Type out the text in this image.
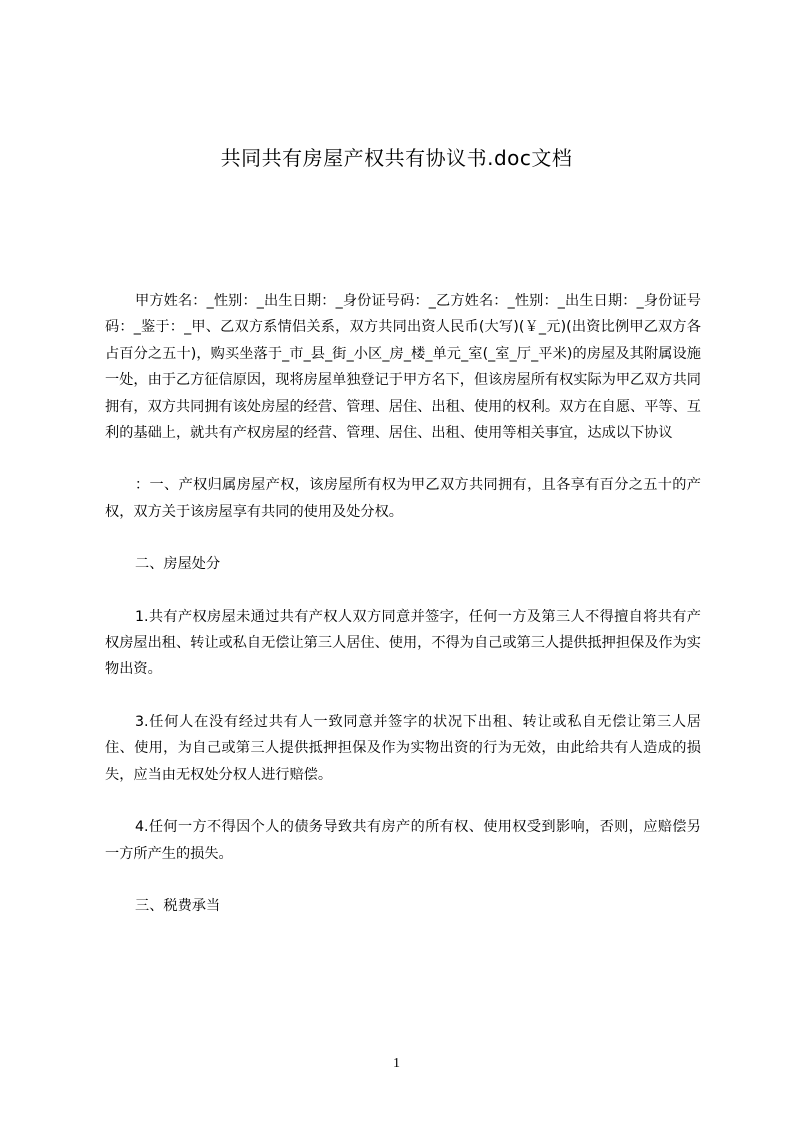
共同共有房屋产权共有协议书.doc文档

甲方姓名：_性别：_出生日期：_身份证号码：_乙方姓名：_性别：_出生日期：_身份证号码：_鉴于：_甲、乙双方系情侣关系，双方共同出资人民币(大写)(￥_元)(出资比例甲乙双方各占百分之五十)，购买坐落于_市_县_街_小区_房_楼_单元_室(_室_厅_平米)的房屋及其附属设施一处，由于乙方征信原因，现将房屋单独登记于甲方名下，但该房屋所有权实际为甲乙双方共同拥有，双方共同拥有该处房屋的经营、管理、居住、出租、使用的权利。双方在自愿、平等、互利的基础上，就共有产权房屋的经营、管理、居住、出租、使用等相关事宜，达成以下协议

：一、产权归属房屋产权，该房屋所有权为甲乙双方共同拥有，且各享有百分之五十的产权，双方关于该房屋享有共同的使用及处分权。

二、房屋处分

1.共有产权房屋未通过共有产权人双方同意并签字，任何一方及第三人不得擅自将共有产权房屋出租、转让或私自无偿让第三人居住、使用，不得为自己或第三人提供抵押担保及作为实物出资。

3.任何人在没有经过共有人一致同意并签字的状况下出租、转让或私自无偿让第三人居住、使用，为自己或第三人提供抵押担保及作为实物出资的行为无效，由此给共有人造成的损失，应当由无权处分权人进行赔偿。

4.任何一方不得因个人的债务导致共有房产的所有权、使用权受到影响，否则，应赔偿另一方所产生的损失。

三、税费承当

1
